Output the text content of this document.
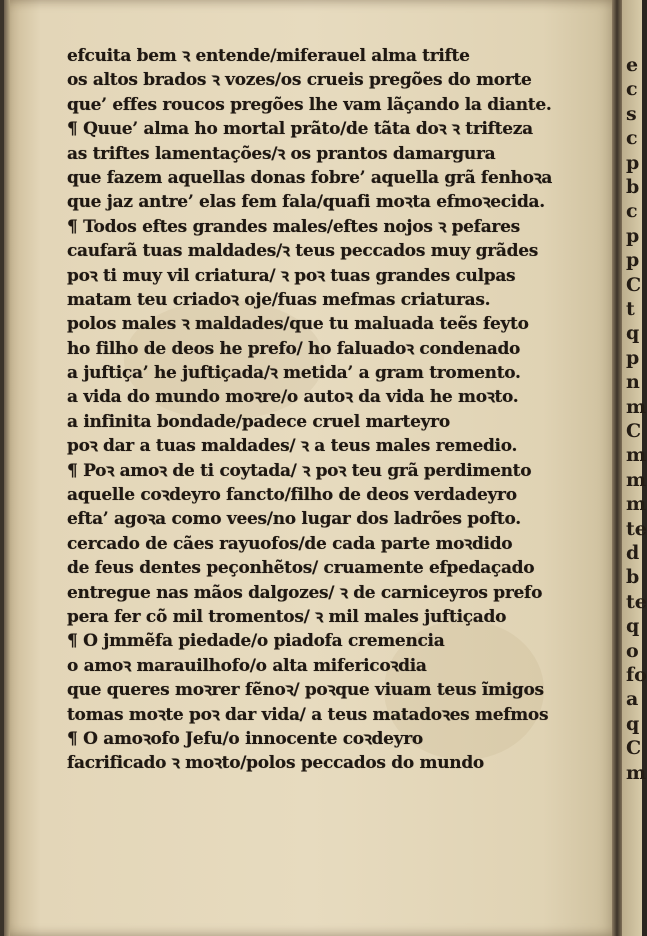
efcuita bem ꝛ entende/miferauel alma trifte
os altos brados ꝛ vozes/os crueis pregões do morte
que’ effes roucos pregões lhe vam lãçando la diante.
¶ Quue’ alma ho mortal prãto/de tãta doꝛ ꝛ trifteza
as triftes lamentações/ꝛ os prantos damargura
que fazem aquellas donas fobre’ aquella grã fenhoꝛa
que jaz antre’ elas fem fala/quafi moꝛta efmoꝛecida.
¶ Todos eftes grandes males/eftes nojos ꝛ pefares
caufarã tuas maldades/ꝛ teus peccados muy grãdes
poꝛ ti muy vil criatura/ ꝛ poꝛ tuas grandes culpas
matam teu criadoꝛ oje/fuas mefmas criaturas.
polos males ꝛ maldades/que tu maluada teẽs feyto
ho filho de deos he prefo/ ho faluadoꝛ condenado
a juftiça’ he juftiçada/ꝛ metida’ a gram tromento.
a vida do mundo moꝛre/o autoꝛ da vida he moꝛto.
a infinita bondade/padece cruel marteyro
poꝛ dar a tuas maldades/ ꝛ a teus males remedio.
¶ Poꝛ amoꝛ de ti coytada/ ꝛ poꝛ teu grã perdimento
aquelle coꝛdeyro fancto/filho de deos verdadeyro
efta’ agoꝛa como vees/no lugar dos ladrões pofto.
cercado de cães rayuofos/de cada parte moꝛdido
de feus dentes peçonhẽtos/ cruamente efpedaçado
entregue nas mãos dalgozes/ ꝛ de carniceyros prefo
pera fer cõ mil tromentos/ ꝛ mil males juftiçado
¶ O jmmẽfa piedade/o piadofa cremencia
o amoꝛ marauilhofo/o alta mifericoꝛdia
que queres moꝛrer fẽnoꝛ/ poꝛque viuam teus ĩmigos
tomas moꝛte poꝛ dar vida/ a teus matadoꝛes mefmos
¶ O amoꝛofo Jefu/o innocente coꝛdeyro
facrificado ꝛ moꝛto/polos peccados do mundo
e
c
s
c
p
b
c
p
p
C
t
q
p
n
m
C
m
m
m
te
d
b
te
q
o
fo
a
q
C
m
